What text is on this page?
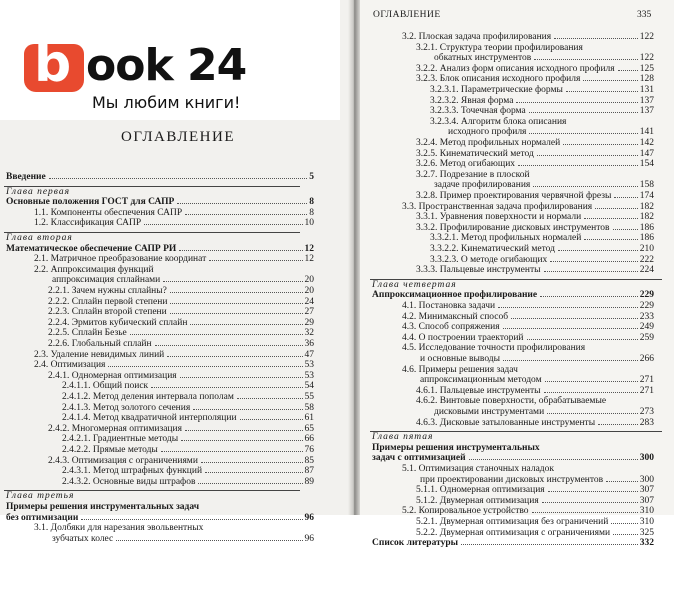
b ook 24
Мы любим книги!
ОГЛАВЛЕНИЕ
ОГЛАВЛЕНИЕ	335
Введение	5
Глава первая
Основные положения ГОСТ для САПР	8
1.1. Компоненты обеспечения САПР	8
1.2. Классификация САПР	10
Глава вторая
Математическое обеспечение САПР РИ	12
2.1. Матричное преобразование координат	12
2.2. Аппроксимация функций
аппроксимация сплайнами	20
2.2.1. Зачем нужны сплайны?	20
2.2.2. Сплайн первой степени	24
2.2.3. Сплайн второй степени	27
2.2.4. Эрмитов кубический сплайн	29
2.2.5. Сплайн Безье	32
2.2.6. Глобальный сплайн	36
2.3. Удаление невидимых линий	47
2.4. Оптимизация	53
2.4.1. Одномерная оптимизация	53
2.4.1.1. Общий поиск	54
2.4.1.2. Метод деления интервала пополам	55
2.4.1.3. Метод золотого сечения	58
2.4.1.4. Метод квадратичной интерполяции	61
2.4.2. Многомерная оптимизация	65
2.4.2.1. Градиентные методы	66
2.4.2.2. Прямые методы	76
2.4.3. Оптимизация с ограничениями	85
2.4.3.1. Метод штрафных функций	87
2.4.3.2. Основные виды штрафов	89
Глава третья
Примеры решения инструментальных задач
без оптимизации	96
3.1. Долбяки для нарезания эвольвентных
зубчатых колес	96
3.2. Плоская задача профилирования	122
3.2.1. Структура теории профилирования
обкатных инструментов	122
3.2.2. Анализ форм описания исходного профиля	125
3.2.3. Блок описания исходного профиля	128
3.2.3.1. Параметрические формы	131
3.2.3.2. Явная форма	137
3.2.3.3. Точечная форма	137
3.2.3.4. Алгоритм блока описания
исходного профиля	141
3.2.4. Метод профильных нормалей	142
3.2.5. Кинематический метод	147
3.2.6. Метод огибающих	154
3.2.7. Подрезание в плоской
задаче профилирования	158
3.2.8. Пример проектирования червячной фрезы	174
3.3. Пространственная задача профилирования	182
3.3.1. Уравнения поверхности и нормали	182
3.3.2. Профилирование дисковых инструментов	186
3.3.2.1. Метод профильных нормалей	186
3.3.2.2. Кинематический метод	210
3.3.2.3. О методе огибающих	222
3.3.3. Пальцевые инструменты	224
Глава четвертая
Аппроксимационное профилирование	229
4.1. Постановка задачи	229
4.2. Минимаксный способ	233
4.3. Способ сопряжения	249
4.4. О построении траекторий	259
4.5. Исследование точности профилирования
и основные выводы	266
4.6. Примеры решения задач
аппроксимационным методом	271
4.6.1. Пальцевые инструменты	271
4.6.2. Винтовые поверхности, обрабатываемые
дисковыми инструментами	273
4.6.3. Дисковые затылованные инструменты	283
Глава пятая
Примеры решения инструментальных
задач с оптимизацией	300
5.1. Оптимизация станочных наладок
при проектировании дисковых инструментов	300
5.1.1. Одномерная оптимизация	307
5.1.2. Двумерная оптимизация	307
5.2. Копировальное устройство	310
5.2.1. Двумерная оптимизация без ограничений	310
5.2.2. Двумерная оптимизация с ограничениями	325
Список литературы	332
